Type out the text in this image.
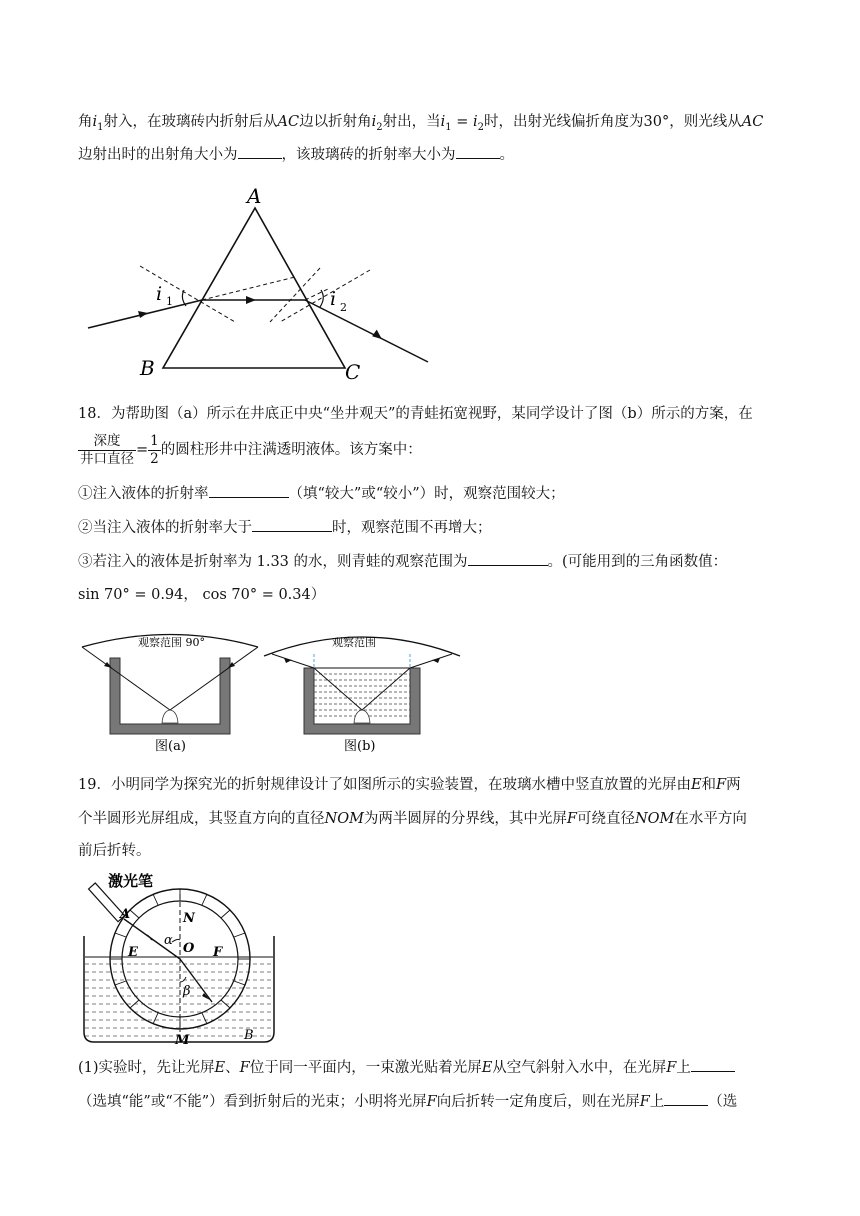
角$i_1$射入，在玻璃砖内折射后从AC边以折射角$i_2$射出，当$i_1 = i_2$时，出射光线偏折角度为30°，则光线从AC
边射出时的出射角大小为	，该玻璃砖的折射率大小为	。
A
B	C
i 1	i 2
18．为帮助图（a）所示在井底正中央“坐井观天”的青蛙拓宽视野，某同学设计了图（b）所示的方案，在
$\frac{\text{深度}}{\text{井口直径}} = \frac{1}{2}$ 的圆柱形井中注满透明液体。该方案中：
①注入液体的折射率	（填“较大”或“较小”）时，观察范围较大；
②当注入液体的折射率大于	时，观察范围不再增大；
③若注入的液体是折射率为 1.33 的水，则青蛙的观察范围为	。(可能用到的三角函数值：
sin 70° = 0.94， cos 70° = 0.34）
观察范围 90°
图(a)
观察范围
图(b)
19．小明同学为探究光的折射规律设计了如图所示的实验装置，在玻璃水槽中竖直放置的光屏由E和F两
个半圆形光屏组成，其竖直方向的直径NOM为两半圆屏的分界线，其中光屏F可绕直径NOM在水平方向
前后折转。
激光笔
A	N
O
E	F
α
β
M	B
(1)实验时，先让光屏E、F位于同一平面内，一束激光贴着光屏E从空气斜射入水中，在光屏F上
（选填“能”或“不能”）看到折射后的光束；小明将光屏F向后折转一定角度后，则在光屏F上	（选
